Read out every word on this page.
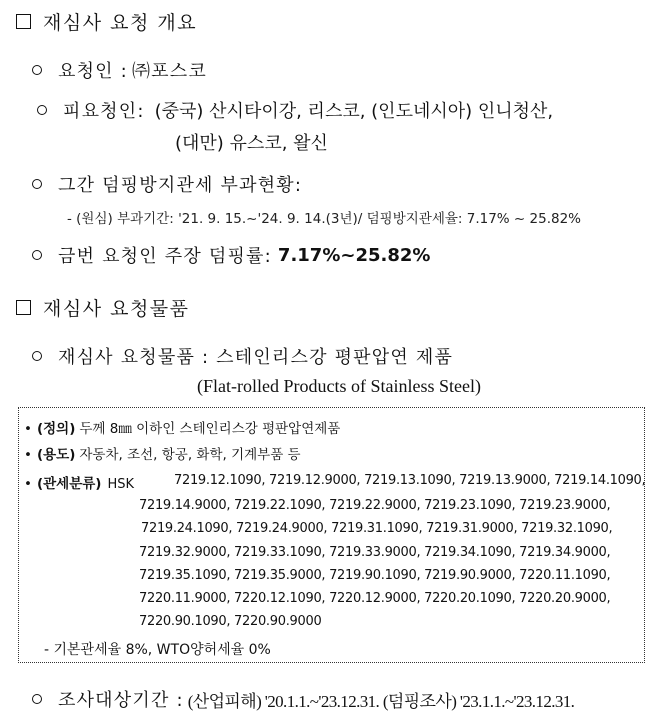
재심사 요청 개요
요청인 : ㈜포스코
피요청인: (중국) 산시타이강, 리스코, (인도네시아) 인니청산,
(대만) 유스코, 왈신
그간 덤핑방지관세 부과현황:
- (원심) 부과기간: '21. 9. 15.~'24. 9. 14.(3년)/ 덤핑방지관세율: 7.17% ~ 25.82%
금번 요청인 주장 덤핑률: 7.17%~25.82%
재심사 요청물품
재심사 요청물품 : 스테인리스강 평판압연 제품
(Flat-rolled Products of Stainless Steel)
• (정의) 두께 8㎜ 이하인 스테인리스강 평판압연제품
• (용도) 자동차, 조선, 항공, 화학, 기계부품 등
• (관세분류) HSK	7219.12.1090, 7219.12.9000, 7219.13.1090, 7219.13.9000, 7219.14.1090,
7219.14.9000, 7219.22.1090, 7219.22.9000, 7219.23.1090, 7219.23.9000,
7219.24.1090, 7219.24.9000, 7219.31.1090, 7219.31.9000, 7219.32.1090,
7219.32.9000, 7219.33.1090, 7219.33.9000, 7219.34.1090, 7219.34.9000,
7219.35.1090, 7219.35.9000, 7219.90.1090, 7219.90.9000, 7220.11.1090,
7220.11.9000, 7220.12.1090, 7220.12.9000, 7220.20.1090, 7220.20.9000,
7220.90.1090, 7220.90.9000
- 기본관세율 8%, WTO양허세율 0%
조사대상기간 : (산업피해) '20.1.1.~'23.12.31. (덤핑조사) '23.1.1.~'23.12.31.
